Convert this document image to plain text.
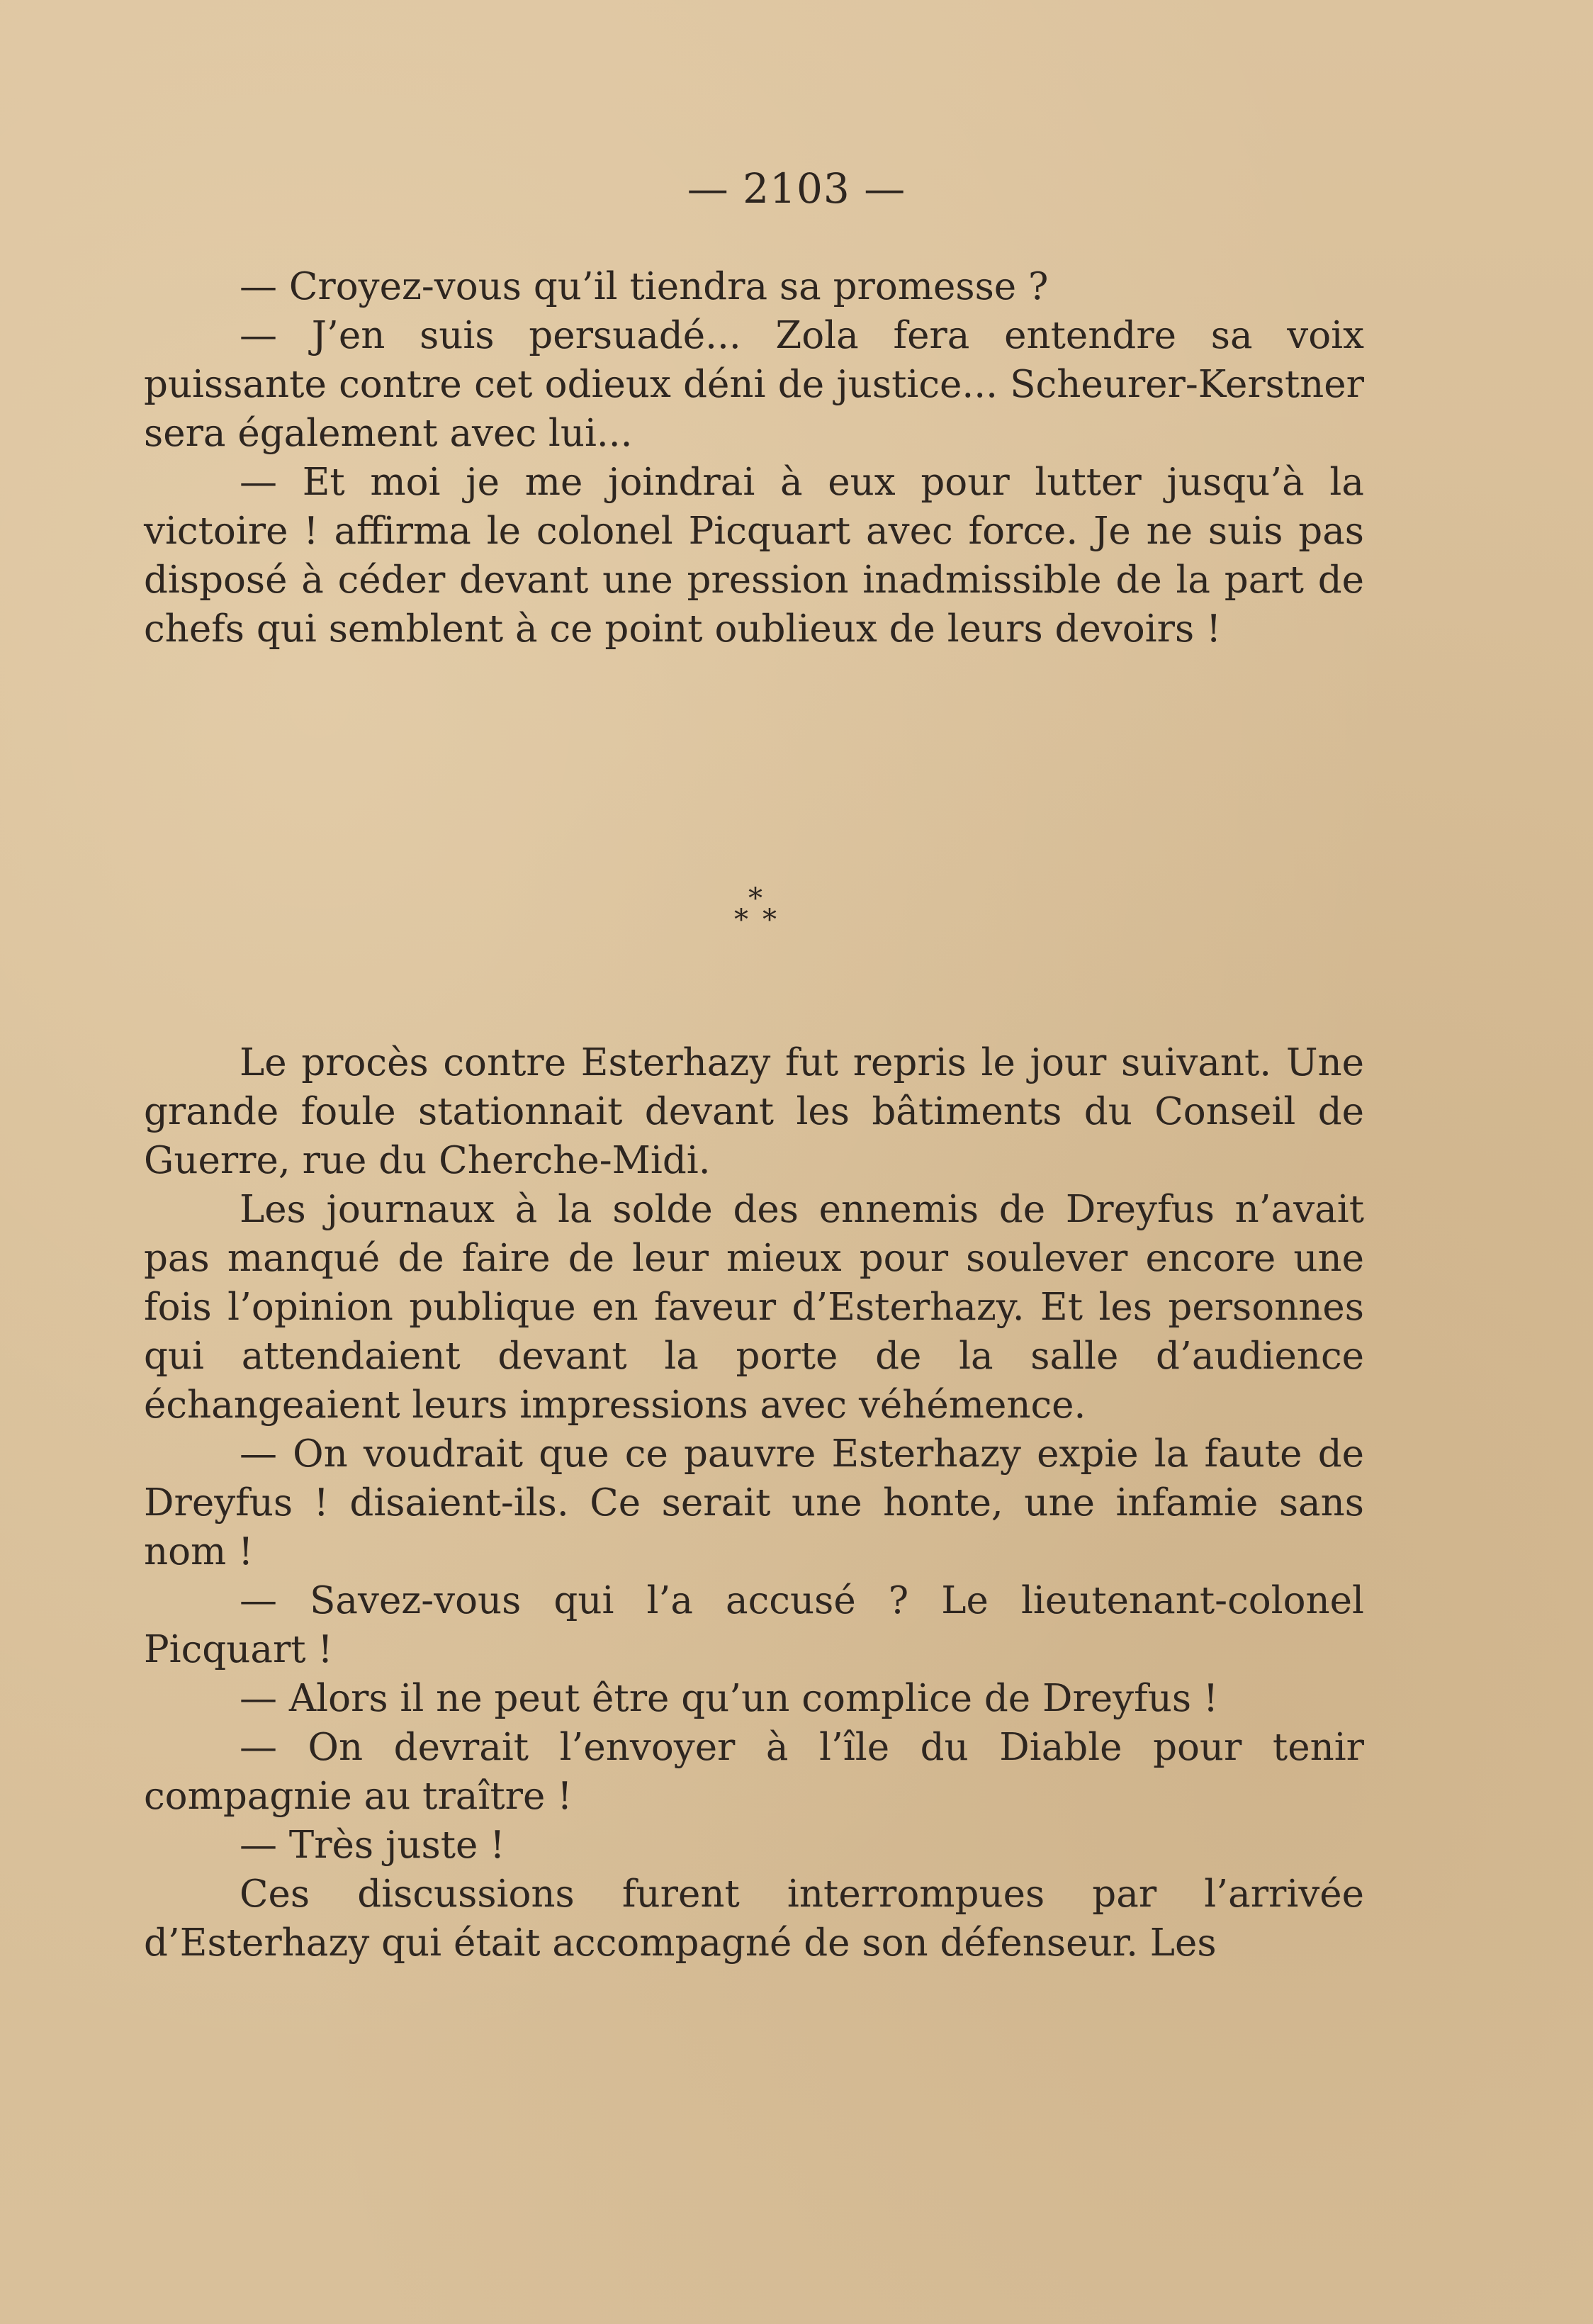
— 2103 —

— Croyez-vous qu’il tiendra sa promesse ?

— J’en suis persuadé... Zola fera entendre sa voix puissante contre cet odieux déni de justice... Scheurer-Kerstner sera également avec lui...

— Et moi je me joindrai à eux pour lutter jusqu’à la victoire ! affirma le colonel Picquart avec force. Je ne suis pas disposé à céder devant une pression inadmissible de la part de chefs qui semblent à ce point oublieux de leurs devoirs !

*
* *

Le procès contre Esterhazy fut repris le jour suivant. Une grande foule stationnait devant les bâtiments du Conseil de Guerre, rue du Cherche-Midi.

Les journaux à la solde des ennemis de Dreyfus n’avait pas manqué de faire de leur mieux pour soulever encore une fois l’opinion publique en faveur d’Esterhazy. Et les personnes qui attendaient devant la porte de la salle d’audience échangeaient leurs impressions avec véhémence.

— On voudrait que ce pauvre Esterhazy expie la faute de Dreyfus ! disaient-ils. Ce serait une honte, une infamie sans nom !

— Savez-vous qui l’a accusé ? Le lieutenant-colonel Picquart !

— Alors il ne peut être qu’un complice de Dreyfus !

— On devrait l’envoyer à l’île du Diable pour tenir compagnie au traître !

— Très juste !

Ces discussions furent interrompues par l’arrivée d’Esterhazy qui était accompagné de son défenseur. Les
